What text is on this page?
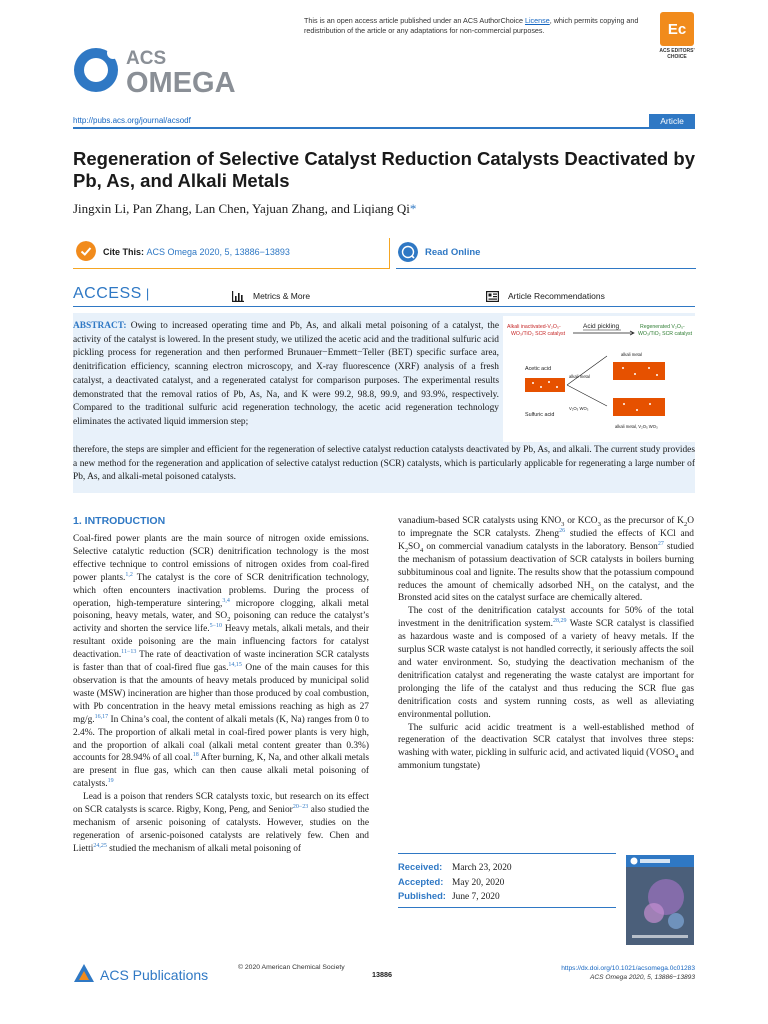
ACS
OMEGA
This is an open access article published under an ACS AuthorChoice License, which permits copying and redistribution of the article or any adaptations for non-commercial purposes.	Ec
ACS EDITORS' CHOICE
http://pubs.acs.org/journal/acsodf	Article
Regeneration of Selective Catalyst Reduction Catalysts Deactivated by Pb, As, and Alkali Metals
Jingxin Li, Pan Zhang, Lan Chen, Yajuan Zhang, and Liqiang Qi*
Cite This: ACS Omega 2020, 5, 13886−13893	Read Online
ACCESS |	Metrics & More	Article Recommendations
ABSTRACT: Owing to increased operating time and Pb, As, and alkali metal poisoning of a catalyst, the activity of the catalyst is lowered. In the present study, we utilized the acetic acid and the traditional sulfuric acid pickling process for regeneration and then performed Brunauer−Emmett−Teller (BET) specific surface area, denitrification efficiency, scanning electron microscopy, and X-ray fluorescence (XRF) analysis of a fresh catalyst, a deactivated catalyst, and a regenerated catalyst for comparison purposes. The experimental results demonstrated that the removal ratios of Pb, As, Na, and K were 99.2, 98.8, 99.9, and 93.9%, respectively. Compared to the traditional sulfuric acid regeneration technology, the acetic acid regeneration technology eliminates the activated liquid immersion step;
therefore, the steps are simpler and efficient for the regeneration of selective catalyst reduction catalysts deactivated by Pb, As, and alkali. The current study provides a new method for the regeneration and application of selective catalyst reduction (SCR) catalysts, which is particularly applicable for regenerating a large number of Pb, As, and alkali-metal poisoned catalysts.
Alkali inactivated-V₂O₅-
WO₃/TiO₂ SCR catalyst
Acid pickling	Regenerated V₂O₅-
WO₃/TiO₂ SCR catalyst
Acetic acid
alkali metal
Sulfuric acid
V₂O₅ WO₃
alkali metal
alkali metal, V₂O₅ WO₃
1. INTRODUCTION

Coal-fired power plants are the main source of nitrogen oxide emissions. Selective catalytic reduction (SCR) denitrification technology is the most effective technique to control emissions of nitrogen oxides from coal-fired power plants.$^{1,2}$ The catalyst is the core of SCR denitrification technology, which often encounters inactivation problems. During the process of operation, high-temperature sintering,$^{3,4}$ micropore clogging, alkali metal poisoning, heavy metals, water, and $SO_2$ poisoning can reduce the catalyst’s activity and shorten the service life.$^{5-10}$ Heavy metals, alkali metals, and their resultant oxide poisoning are the main influencing factors for catalyst deactivation.$^{11-13}$ The rate of deactivation of waste incineration SCR catalysts is faster than that of coal-fired flue gas.$^{14,15}$ One of the main causes for this observation is that the amounts of heavy metals produced by municipal solid waste (MSW) incineration are higher than those produced by coal combustion, with Pb concentration in the heavy metal emissions reaching as high as 27 mg/g.$^{16,17}$ In China’s coal, the content of alkali metals (K, Na) ranges from 0 to 2.4%. The proportion of alkali metal in coal-fired power plants is very high, and the proportion of alkali coal (alkali metal content greater than 0.3%) accounts for 28.94% of all coal.$^{18}$ After burning, K, Na, and other alkali metals are present in flue gas, which can then cause alkali metal poisoning of catalysts.$^{19}$

Lead is a poison that renders SCR catalysts toxic, but research on its effect on SCR catalysts is scarce. Rigby, Kong, Peng, and Senior$^{20-23}$ also studied the mechanism of arsenic poisoning of catalysts. However, studies on the regeneration of arsenic-poisoned catalysts are relatively few. Chen and Lietti$^{24,25}$ studied the mechanism of alkali metal poisoning of

vanadium-based SCR catalysts using $KNO_3$ or $KCO_3$ as the precursor of $K_2O$ to impregnate the SCR catalysts. Zheng$^{26}$ studied the effects of KCl and $K_2SO_4$ on commercial vanadium catalysts in the laboratory. Benson$^{27}$ studied the mechanism of potassium deactivation of SCR catalysts in boilers burning subbituminous coal and lignite. The results show that the potassium compound reduces the amount of chemically adsorbed $NH_3$ on the catalyst, and the Bronsted acid sites on the catalyst surface are chemically altered.

The cost of the denitrification catalyst accounts for 50% of the total investment in the denitrification system.$^{28,29}$ Waste SCR catalyst is classified as hazardous waste and is composed of a variety of heavy metals. If the surplus SCR waste catalyst is not handled correctly, it seriously affects the soil and water environment. So, studying the deactivation mechanism of the denitrification catalyst and regenerating the waste catalyst are important for prolonging the life of the catalyst and thus reducing the SCR flue gas denitrification costs and system running costs, as well as alleviating environmental pollution.

The sulfuric acid acidic treatment is a well-established method of regeneration of the deactivation SCR catalyst that involves three steps: washing with water, pickling in sulfuric acid, and activated liquid ($VOSO_4$ and ammonium tungstate)

Received: March 23, 2020
Accepted: May 20, 2020
Published: June 7, 2020
ACS Publications	© 2020 American Chemical Society
13886
https://dx.doi.org/10.1021/acsomega.0c01283
ACS Omega 2020, 5, 13886−13893
